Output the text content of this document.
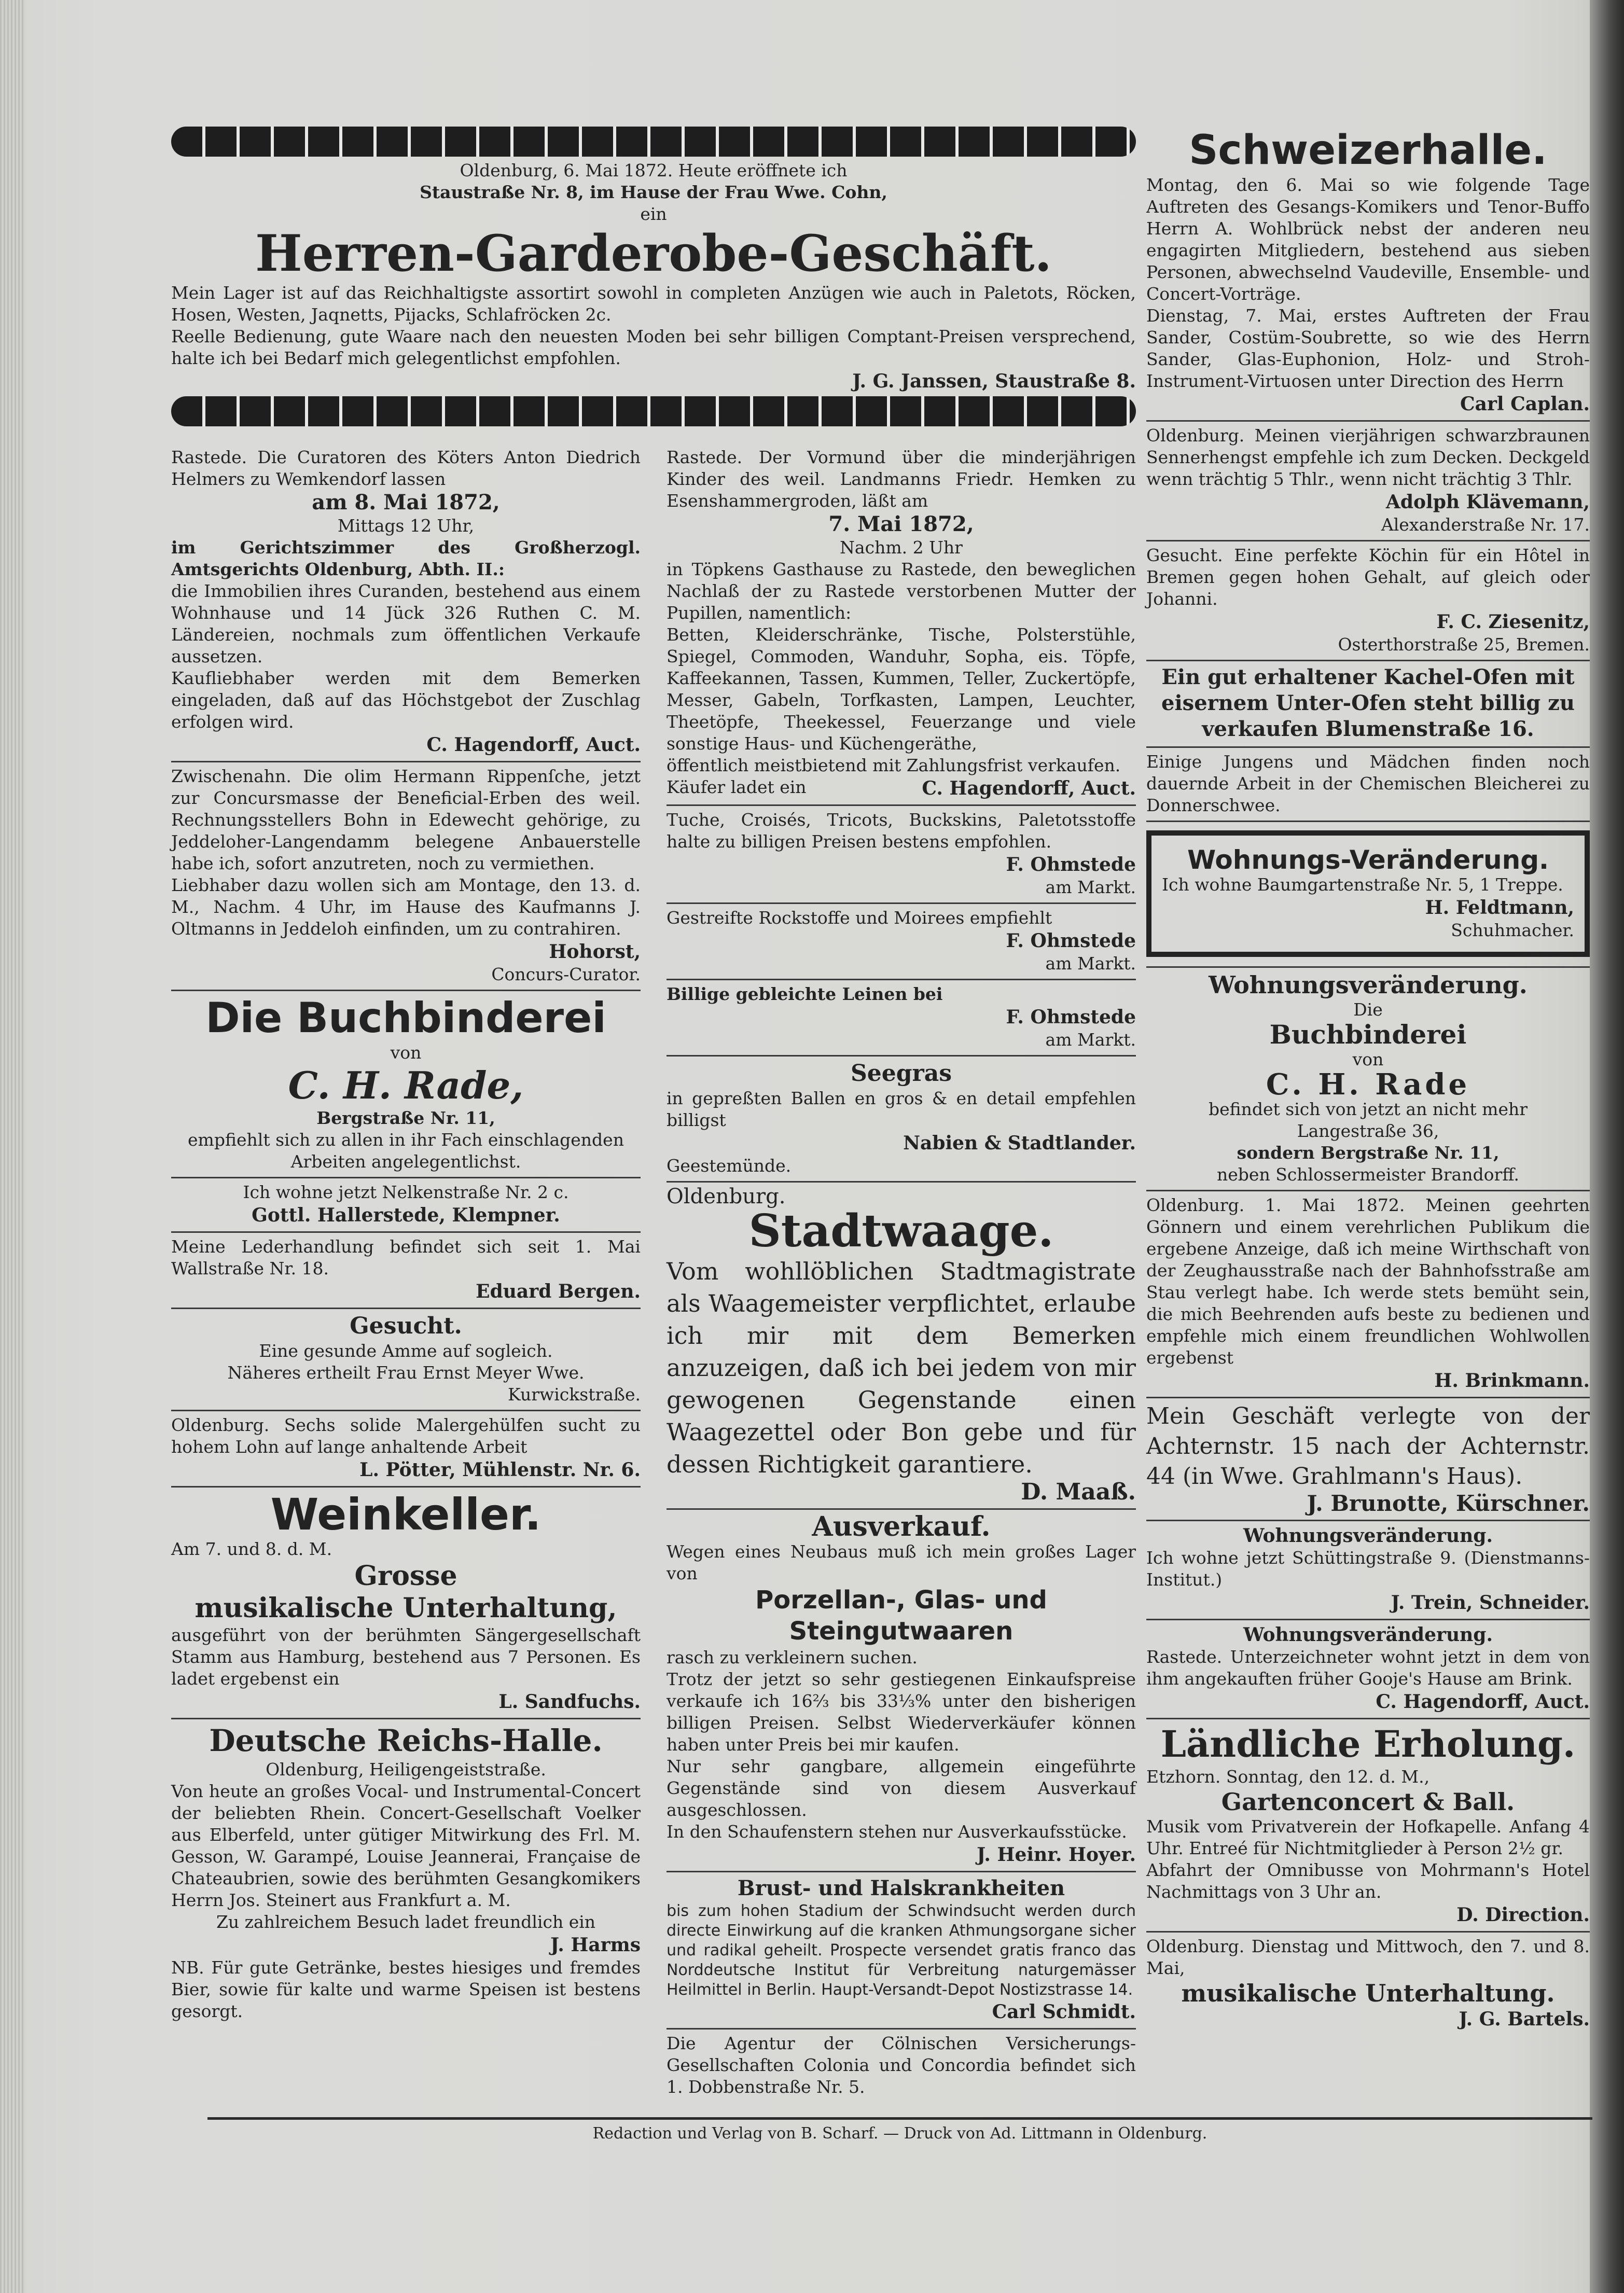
Oldenburg, 6. Mai 1872. Heute eröffnete ich
Staustraße Nr. 8, im Hause der Frau Wwe. Cohn,
ein
Herren-Garderobe-Geschäft.
Mein Lager ist auf das Reichhaltigste assortirt sowohl in completen Anzügen wie auch in Paletots, Röcken, Hosen, Westen, Jaqnetts, Pijacks, Schlafröcken 2c.
Reelle Bedienung, gute Waare nach den neuesten Moden bei sehr billigen Comptant-Preisen versprechend, halte ich bei Bedarf mich gelegentlichst empfohlen.
J. G. Janssen, Staustraße 8.
Rastede. Die Curatoren des Köters Anton Diedrich Helmers zu Wemkendorf lassen
am 8. Mai 1872,
Mittags 12 Uhr,
im Gerichtszimmer des Großherzogl. Amtsgerichts Oldenburg, Abth. II.:
die Immobilien ihres Curanden, bestehend aus einem Wohnhause und 14 Jück 326 Ruthen C. M. Ländereien, nochmals zum öffentlichen Verkaufe aussetzen.
Kaufliebhaber werden mit dem Bemerken eingeladen, daß auf das Höchstgebot der Zuschlag erfolgen wird.
C. Hagendorff, Auct.
Zwischenahn. Die olim Hermann Rippenſche, jetzt zur Concursmasse der Beneficial-Erben des weil. Rechnungsstellers Bohn in Edewecht gehörige, zu Jeddeloher-Langendamm belegene Anbauerstelle habe ich, sofort anzutreten, noch zu vermiethen.
Liebhaber dazu wollen sich am Montage, den 13. d. M., Nachm. 4 Uhr, im Hause des Kaufmanns J. Oltmanns in Jeddeloh einfinden, um zu contrahiren.
Hohorst,
Concurs-Curator.
Die Buchbinderei
von
C. H. Rade,
Bergstraße Nr. 11,
empfiehlt sich zu allen in ihr Fach einschlagenden Arbeiten angelegentlichst.
Ich wohne jetzt Nelkenstraße Nr. 2 c.
Gottl. Hallerstede, Klempner.
Meine Lederhandlung befindet sich seit 1. Mai Wallstraße Nr. 18.
Eduard Bergen.
Gesucht.
Eine gesunde Amme auf sogleich.
Näheres ertheilt Frau Ernst Meyer Wwe.
Kurwickstraße.
Oldenburg. Sechs solide Malergehülfen sucht zu hohem Lohn auf lange anhaltende Arbeit
L. Pötter, Mühlenstr. Nr. 6.
Weinkeller.
Am 7. und 8. d. M.
Grosse
musikalische Unterhaltung,
ausgeführt von der berühmten Sängergesellschaft Stamm aus Hamburg, bestehend aus 7 Personen. Es ladet ergebenst ein
L. Sandfuchs.
Deutsche Reichs-Halle.
Oldenburg, Heiligengeiststraße.
Von heute an großes Vocal- und Instrumental-Concert der beliebten Rhein. Concert-Gesellschaft Voelker aus Elberfeld, unter gütiger Mitwirkung des Frl. M. Gesson, W. Garampé, Louise Jeannerai, Française de Chateaubrien, sowie des berühmten Gesangkomikers Herrn Jos. Steinert aus Frankfurt a. M.
Zu zahlreichem Besuch ladet freundlich ein
J. Harms
NB. Für gute Getränke, bestes hiesiges und fremdes Bier, sowie für kalte und warme Speisen ist bestens gesorgt.
Rastede. Der Vormund über die minderjährigen Kinder des weil. Landmanns Friedr. Hemken zu Esenshammergroden, läßt am
7. Mai 1872,
Nachm. 2 Uhr
in Töpkens Gasthause zu Rastede, den beweglichen Nachlaß der zu Rastede verstorbenen Mutter der Pupillen, namentlich:
Betten, Kleiderschränke, Tische, Polsterstühle, Spiegel, Commoden, Wanduhr, Sopha, eis. Töpfe, Kaffeekannen, Tassen, Kummen, Teller, Zuckertöpfe, Messer, Gabeln, Torfkasten, Lampen, Leuchter, Theetöpfe, Theekessel, Feuerzange und viele sonstige Haus- und Küchengeräthe,
öffentlich meistbietend mit Zahlungsfrist verkaufen.
Käufer ladet ein	C. Hagendorff, Auct.
Tuche, Croisés, Tricots, Buckskins, Paletotsstoffe halte zu billigen Preisen bestens empfohlen.
F. Ohmstede
am Markt.
Gestreifte Rockstoffe und Moirees empfiehlt
F. Ohmstede
am Markt.
Billige gebleichte Leinen bei
F. Ohmstede
am Markt.
Seegras
in gepreßten Ballen en gros & en detail empfehlen billigst
Nabien & Stadtlander.
Geestemünde.
Oldenburg.
Stadtwaage.
Vom wohllöblichen Stadtmagistrate als Waagemeister verpflichtet, erlaube ich mir mit dem Bemerken anzuzeigen, daß ich bei jedem von mir gewogenen Gegenstande einen Waagezettel oder Bon gebe und für dessen Richtigkeit garantiere.
D. Maaß.
Ausverkauf.
Wegen eines Neubaus muß ich mein großes Lager von
Porzellan-, Glas- und Steingutwaaren
rasch zu verkleinern suchen.
Trotz der jetzt so sehr gestiegenen Einkaufspreise verkaufe ich 16⅔ bis 33⅓% unter den bisherigen billigen Preisen. Selbst Wiederverkäufer können haben unter Preis bei mir kaufen.
Nur sehr gangbare, allgemein eingeführte Gegenstände sind von diesem Ausverkauf ausgeschlossen.
In den Schaufenstern stehen nur Ausverkaufsstücke.
J. Heinr. Hoyer.
Brust- und Halskrankheiten
bis zum hohen Stadium der Schwindsucht werden durch directe Einwirkung auf die kranken Athmungsorgane sicher und radikal geheilt. Prospecte versendet gratis franco das Norddeutsche Institut für Verbreitung naturgemässer Heilmittel in Berlin. Haupt-Versandt-Depot Nostizstrasse 14.
Carl Schmidt.
Die Agentur der Cölnischen Versicherungs-Gesellschaften Colonia und Concordia befindet sich 1. Dobbenstraße Nr. 5.
Schweizerhalle.
Montag, den 6. Mai so wie folgende Tage Auftreten des Gesangs-Komikers und Tenor-Buffo Herrn A. Wohlbrück nebst der anderen neu engagirten Mitgliedern, bestehend aus sieben Personen, abwechselnd Vaudeville, Ensemble- und Concert-Vorträge.
Dienstag, 7. Mai, erstes Auftreten der Frau Sander, Costüm-Soubrette, so wie des Herrn Sander, Glas-Euphonion, Holz- und Stroh-Instrument-Virtuosen unter Direction des Herrn
Carl Caplan.
Oldenburg. Meinen vierjährigen schwarzbraunen Sennerhengst empfehle ich zum Decken. Deckgeld wenn trächtig 5 Thlr., wenn nicht trächtig 3 Thlr.
Adolph Klävemann,
Alexanderstraße Nr. 17.
Gesucht. Eine perfekte Köchin für ein Hôtel in Bremen gegen hohen Gehalt, auf gleich oder Johanni.
F. C. Ziesenitz,
Osterthorstraße 25, Bremen.
Ein gut erhaltener Kachel-Ofen mit eisernem Unter-Ofen steht billig zu verkaufen Blumenstraße 16.
Einige Jungens und Mädchen finden noch dauernde Arbeit in der Chemischen Bleicherei zu Donnerschwee.
Wohnungs-Veränderung.
Ich wohne Baumgartenstraße Nr. 5, 1 Treppe.
H. Feldtmann,
Schuhmacher.
Wohnungsveränderung.
Die
Buchbinderei
von
C. H. Rade
befindet sich von jetzt an nicht mehr
Langestraße 36,
sondern Bergstraße Nr. 11,
neben Schlossermeister Brandorff.
Oldenburg. 1. Mai 1872. Meinen geehrten Gönnern und einem verehrlichen Publikum die ergebene Anzeige, daß ich meine Wirthschaft von der Zeughausstraße nach der Bahnhofsstraße am Stau verlegt habe. Ich werde stets bemüht sein, die mich Beehrenden aufs beste zu bedienen und empfehle mich einem freundlichen Wohlwollen ergebenst
H. Brinkmann.
Mein Geschäft verlegte von der Achternstr. 15 nach der Achternstr. 44 (in Wwe. Grahlmann's Haus).
J. Brunotte, Kürschner.
Wohnungsveränderung.
Ich wohne jetzt Schüttingstraße 9. (Dienstmanns-Institut.)
J. Trein, Schneider.
Wohnungsveränderung.
Rastede. Unterzeichneter wohnt jetzt in dem von ihm angekauften früher Gooje's Hause am Brink.
C. Hagendorff, Auct.
Ländliche Erholung.
Etzhorn. Sonntag, den 12. d. M.,
Gartenconcert & Ball.
Musik vom Privatverein der Hofkapelle. Anfang 4 Uhr. Entreé für Nichtmitglieder à Person 2½ gr.
Abfahrt der Omnibusse von Mohrmann's Hotel Nachmittags von 3 Uhr an.
D. Direction.
Oldenburg. Dienstag und Mittwoch, den 7. und 8. Mai,
musikalische Unterhaltung.
J. G. Bartels.
Redaction und Verlag von B. Scharf. — Druck von Ad. Littmann in Oldenburg.
